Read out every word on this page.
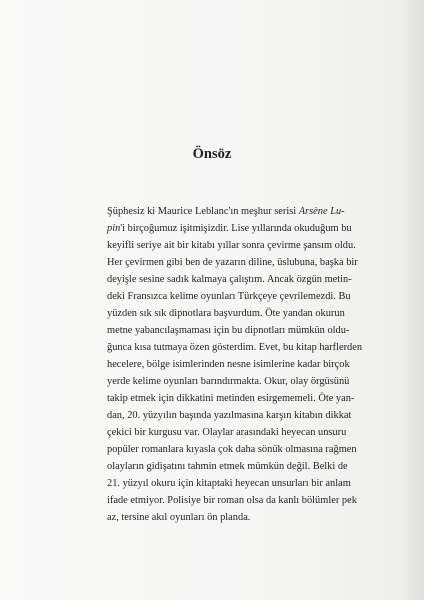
Önsöz
Şüphesiz ki Maurice Leblanc'ın meşhur serisi Arsène Lu-
pin'i birçoğumuz işitmişizdir. Lise yıllarında okuduğum bu
keyifli seriye ait bir kitabı yıllar sonra çevirme şansım oldu.
Her çevirmen gibi ben de yazarın diline, üslubuna, başka bir
deyişle sesine sadık kalmaya çalıştım. Ancak özgün metin-
deki Fransızca kelime oyunları Türkçeye çevrilemezdi. Bu
yüzden sık sık dipnotlara başvurdum. Öte yandan okurun
metne yabancılaşmaması için bu dipnotları mümkün oldu-
ğunca kısa tutmaya özen gösterdim. Evet, bu kitap harflerden
hecelere, bölge isimlerinden nesne isimlerine kadar birçok
yerde kelime oyunları barındırmakta. Okur, olay örgüsünü
takip etmek için dikkatini metinden esirgememeli. Öte yan-
dan, 20. yüzyılın başında yazılmasına karşın kitabın dikkat
çekici bir kurgusu var. Olaylar arasındaki heyecan unsuru
popüler romanlara kıyasla çok daha sönük olmasına rağmen
olayların gidişatını tahmin etmek mümkün değil. Belki de
21. yüzyıl okuru için kitaptaki heyecan unsurları bir anlam
ifade etmiyor. Polisiye bir roman olsa da kanlı bölümler pek
az, tersine akıl oyunları ön planda.
